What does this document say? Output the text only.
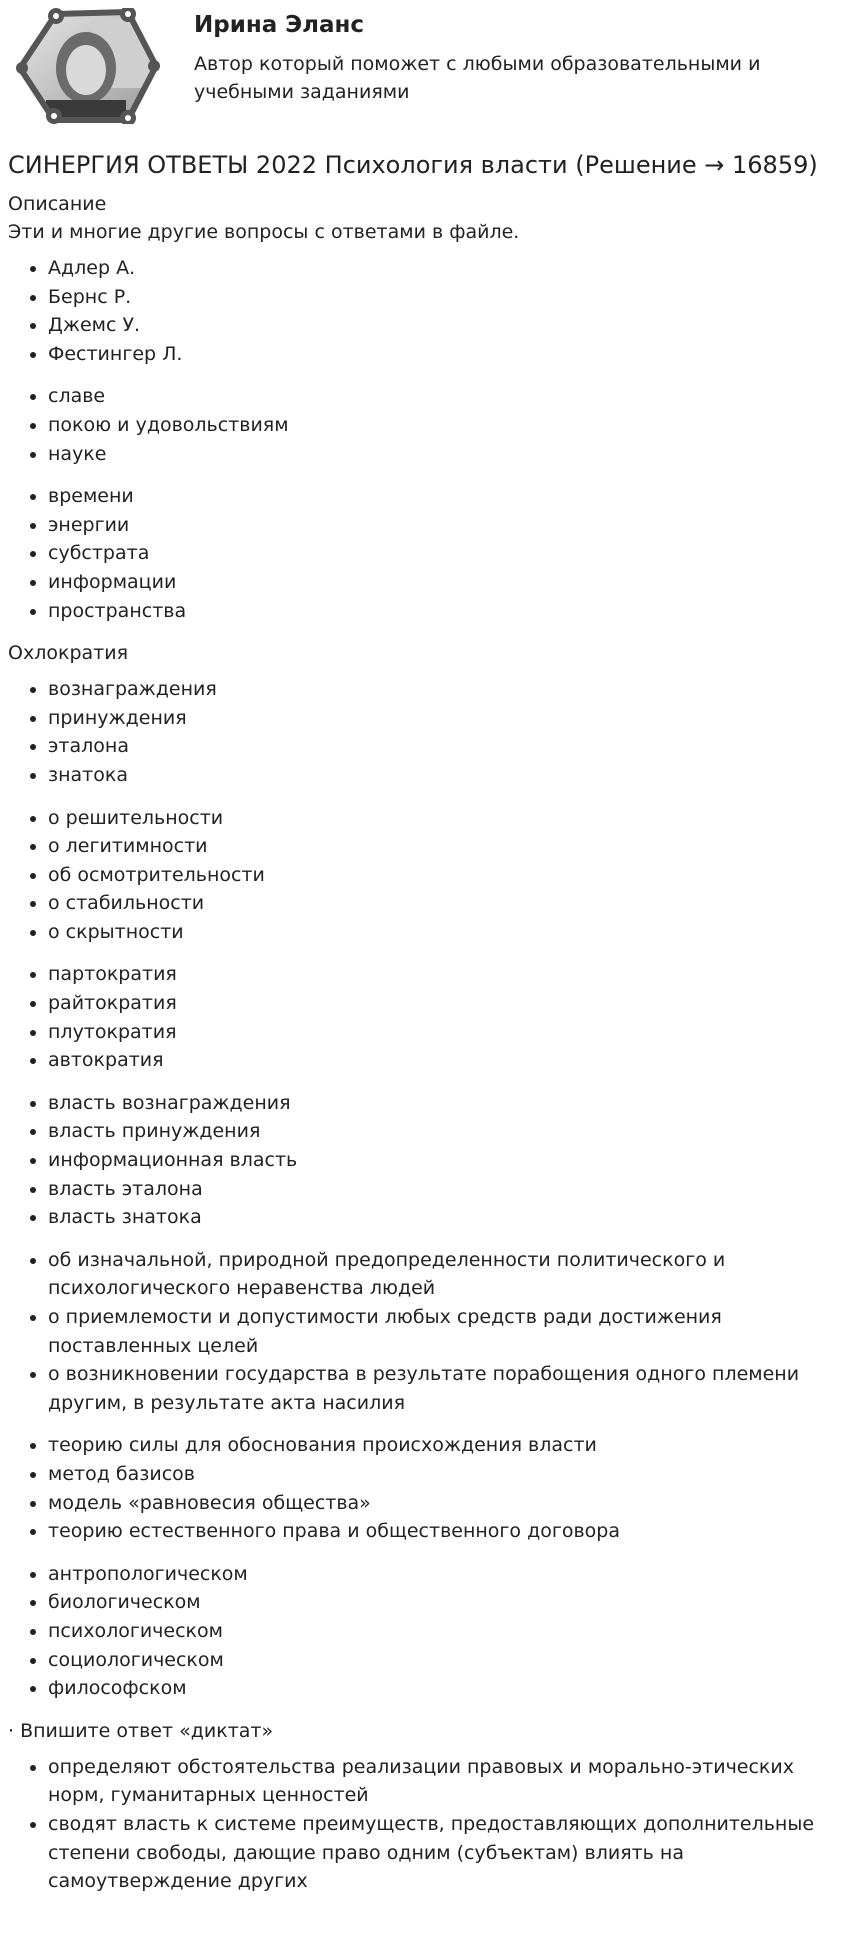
Ирина Эланс
Автор который поможет с любыми образовательными и учебными заданиями
СИНЕРГИЯ ОТВЕТЫ 2022 Психология власти (Решение → 16859)
Описание
Эти и многие другие вопросы с ответами в файле.
• Адлер А.
• Бернс Р.
• Джемс У.
• Фестингер Л.
• славе
• покою и удовольствиям
• науке
• времени
• энергии
• субстрата
• информации
• пространства
Охлократия
• вознаграждения
• принуждения
• эталона
• знатока
• о решительности
• о легитимности
• об осмотрительности
• о стабильности
• о скрытности
• партократия
• райтократия
• плутократия
• автократия
• власть вознаграждения
• власть принуждения
• информационная власть
• власть эталона
• власть знатока
• об изначальной, природной предопределенности политического и психологического неравенства людей
• о приемлемости и допустимости любых средств ради достижения поставленных целей
• о возникновении государства в результате порабощения одного племени другим, в результате акта насилия
• теорию силы для обоснования происхождения власти
• метод базисов
• модель «равновесия общества»
• теорию естественного права и общественного договора
• антропологическом
• биологическом
• психологическом
• социологическом
• философском
· Впишите ответ «диктат»
• определяют обстоятельства реализации правовых и морально-этических норм, гуманитарных ценностей
• сводят власть к системе преимуществ, предоставляющих дополнительные степени свободы, дающие право одним (субъектам) влиять на самоутверждение других
